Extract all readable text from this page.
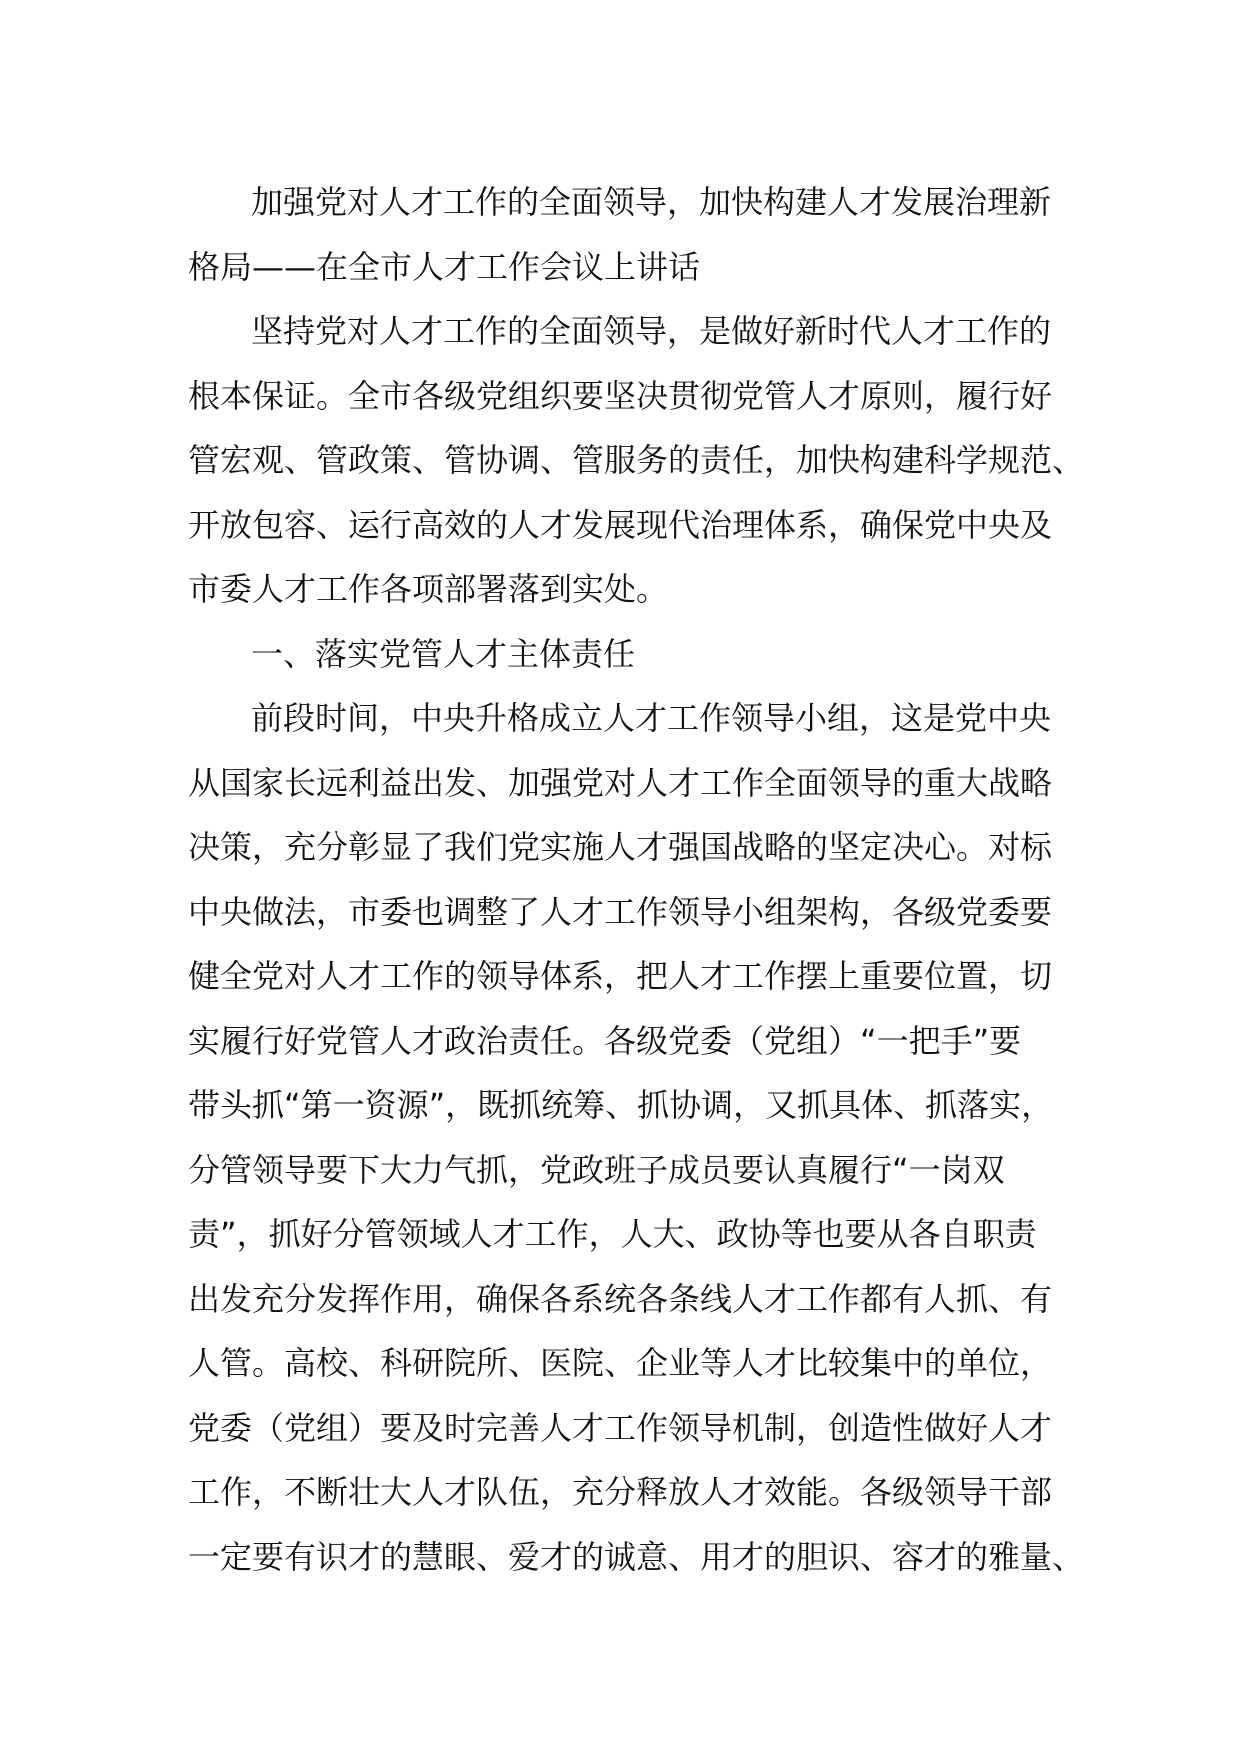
加强党对人才工作的全面领导，加快构建人才发展治理新
格局——在全市人才工作会议上讲话
坚持党对人才工作的全面领导，是做好新时代人才工作的
根本保证。全市各级党组织要坚决贯彻党管人才原则，履行好
管宏观、管政策、管协调、管服务的责任，加快构建科学规范、
开放包容、运行高效的人才发展现代治理体系，确保党中央及
市委人才工作各项部署落到实处。
一、落实党管人才主体责任
前段时间，中央升格成立人才工作领导小组，这是党中央
从国家长远利益出发、加强党对人才工作全面领导的重大战略
决策，充分彰显了我们党实施人才强国战略的坚定决心。对标
中央做法，市委也调整了人才工作领导小组架构，各级党委要
健全党对人才工作的领导体系，把人才工作摆上重要位置，切
实履行好党管人才政治责任。各级党委（党组）“一把手”要
带头抓“第一资源”，既抓统筹、抓协调，又抓具体、抓落实，
分管领导要下大力气抓，党政班子成员要认真履行“一岗双
责”，抓好分管领域人才工作，人大、政协等也要从各自职责
出发充分发挥作用，确保各系统各条线人才工作都有人抓、有
人管。高校、科研院所、医院、企业等人才比较集中的单位，
党委（党组）要及时完善人才工作领导机制，创造性做好人才
工作，不断壮大人才队伍，充分释放人才效能。各级领导干部
一定要有识才的慧眼、爱才的诚意、用才的胆识、容才的雅量、
